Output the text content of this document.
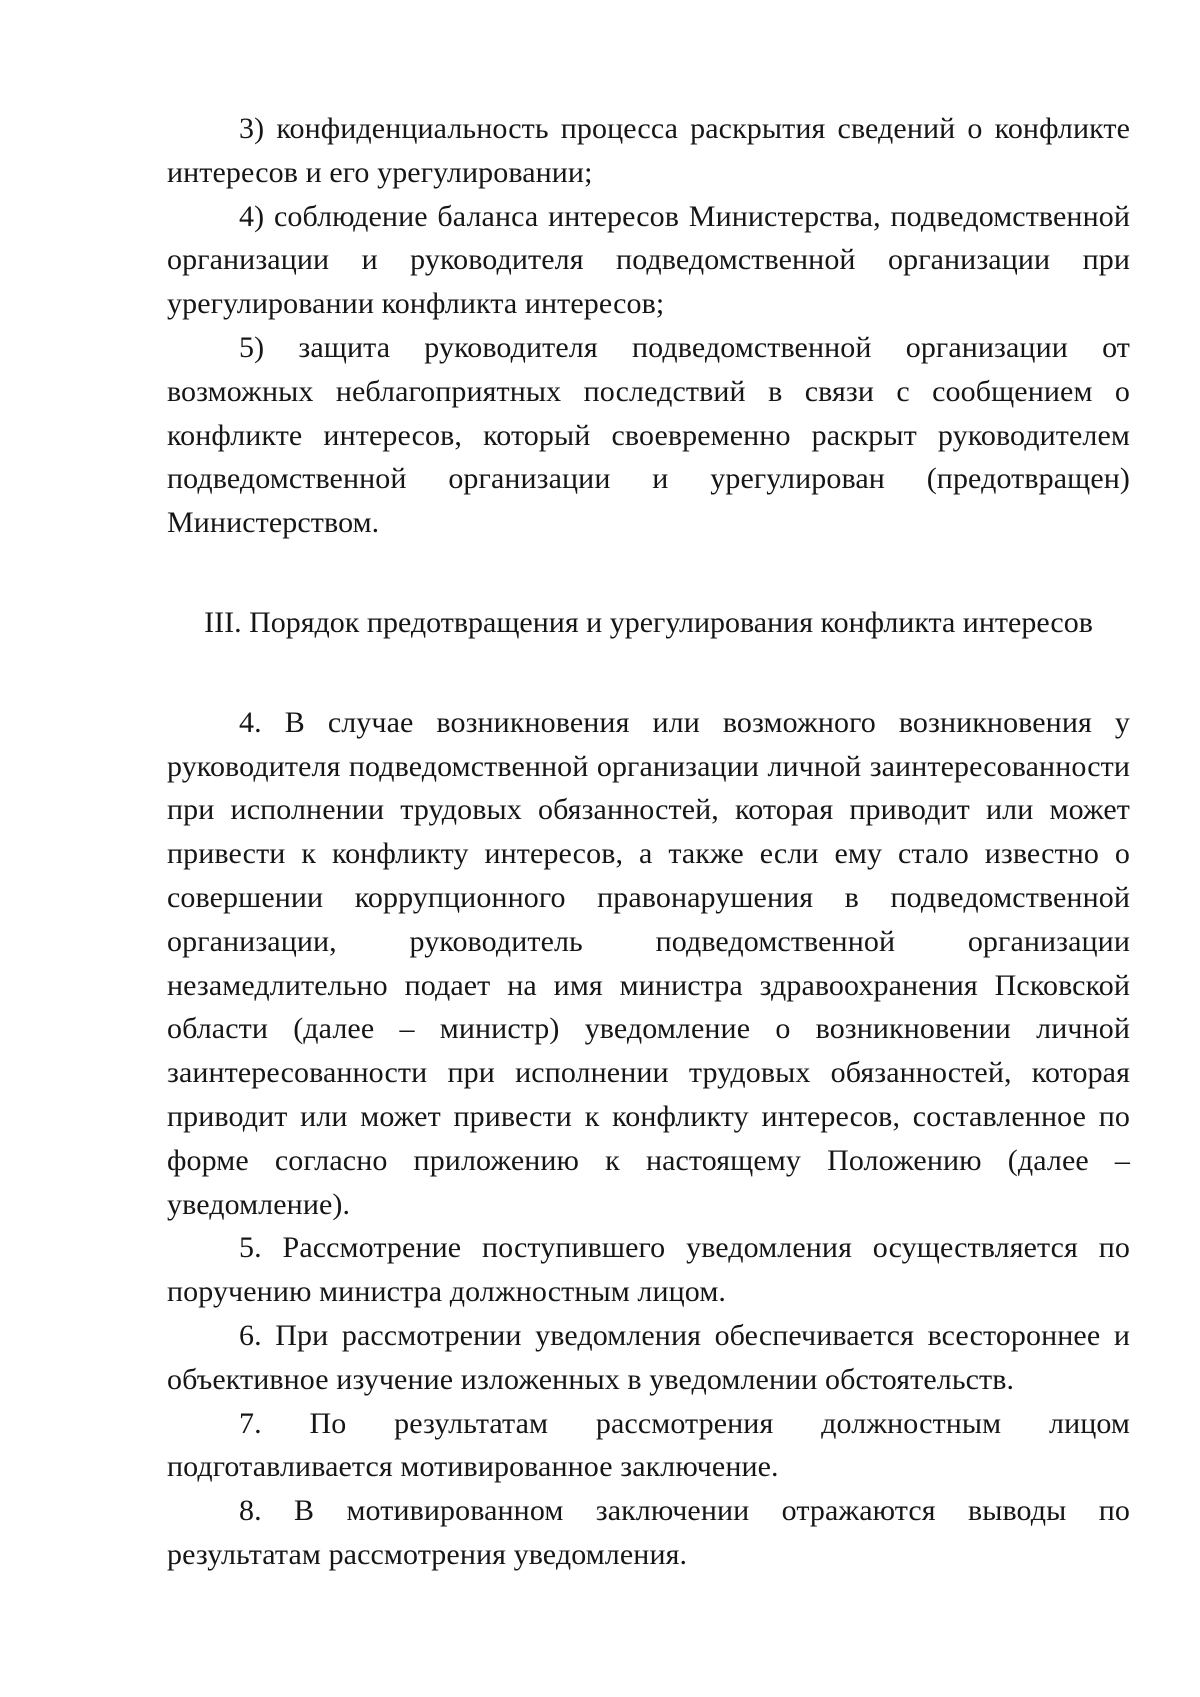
3) конфиденциальность процесса раскрытия сведений о конфликте интересов и его урегулировании;

4) соблюдение баланса интересов Министерства, подведомственной организации и руководителя подведомственной организации при урегулировании конфликта интересов;

5) защита руководителя подведомственной организации от возможных неблагоприятных последствий в связи с сообщением о конфликте интересов, который своевременно раскрыт руководителем подведомственной организации и урегулирован (предотвращен) Министерством.

III. Порядок предотвращения и урегулирования конфликта интересов

4. В случае возникновения или возможного возникновения у руководителя подведомственной организации личной заинтересованности при исполнении трудовых обязанностей, которая приводит или может привести к конфликту интересов, а также если ему стало известно о совершении коррупционного правонарушения в подведомственной организации, руководитель подведомственной организации незамедлительно подает на имя министра здравоохранения Псковской области (далее – министр) уведомление о возникновении личной заинтересованности при исполнении трудовых обязанностей, которая приводит или может привести к конфликту интересов, составленное по форме согласно приложению к настоящему Положению (далее – уведомление).

5. Рассмотрение поступившего уведомления осуществляется по поручению министра должностным лицом.

6. При рассмотрении уведомления обеспечивается всестороннее и объективное изучение изложенных в уведомлении обстоятельств.

7. По результатам рассмотрения должностным лицом подготавливается мотивированное заключение.

8. В мотивированном заключении отражаются выводы по результатам рассмотрения уведомления.
